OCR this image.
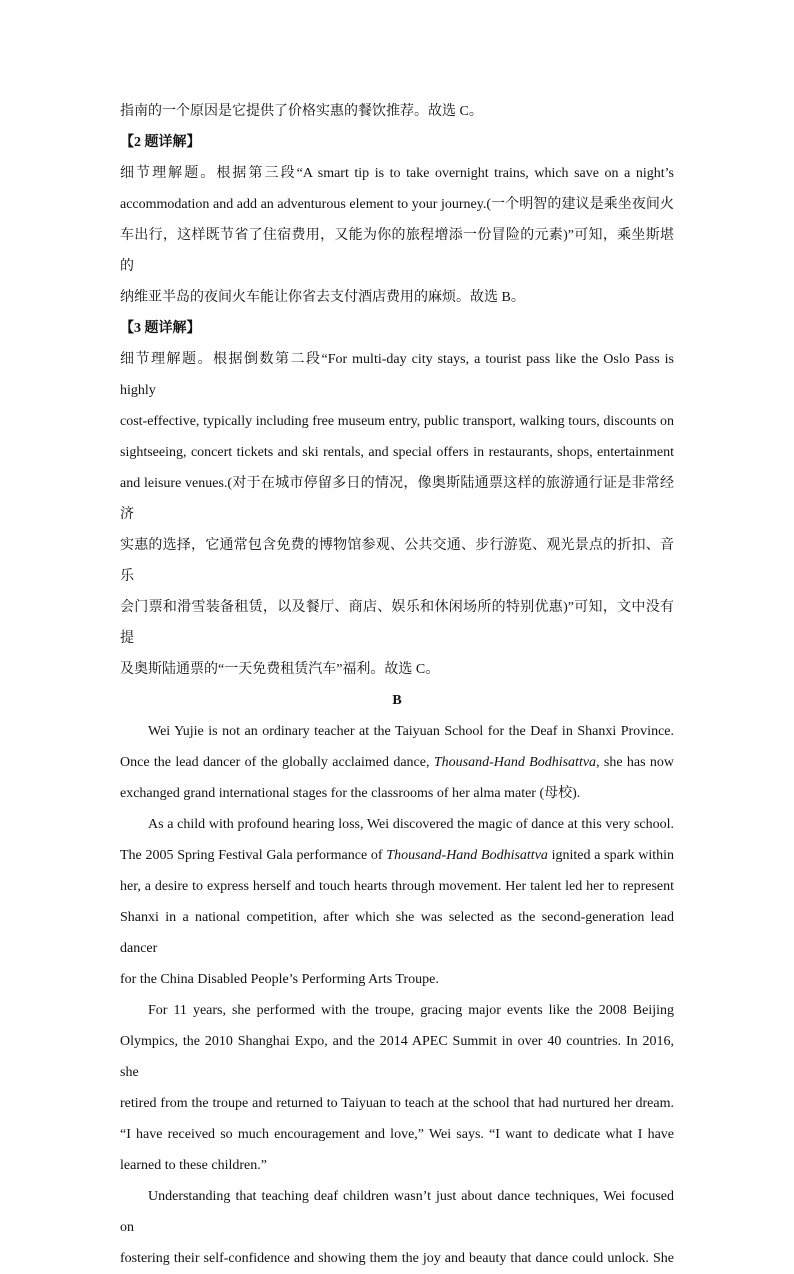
指南的一个原因是它提供了价格实惠的餐饮推荐。故选 C。

【2 题详解】

细节理解题。根据第三段“A smart tip is to take overnight trains, which save on a night’s

accommodation and add an adventurous element to your journey.(一个明智的建议是乘坐夜间火

车出行，这样既节省了住宿费用，又能为你的旅程增添一份冒险的元素)”可知，乘坐斯堪的

纳维亚半岛的夜间火车能让你省去支付酒店费用的麻烦。故选 B。

【3 题详解】

细节理解题。根据倒数第二段“For multi-day city stays, a tourist pass like the Oslo Pass is highly

cost-effective, typically including free museum entry, public transport, walking tours, discounts on

sightseeing, concert tickets and ski rentals, and special offers in restaurants, shops, entertainment

and leisure venues.(对于在城市停留多日的情况，像奥斯陆通票这样的旅游通行证是非常经济

实惠的选择，它通常包含免费的博物馆参观、公共交通、步行游览、观光景点的折扣、音乐

会门票和滑雪装备租赁，以及餐厅、商店、娱乐和休闲场所的特别优惠)”可知，文中没有提

及奥斯陆通票的“一天免费租赁汽车”福利。故选 C。

B

Wei Yujie is not an ordinary teacher at the Taiyuan School for the Deaf in Shanxi Province.

Once the lead dancer of the globally acclaimed dance, Thousand-Hand Bodhisattva, she has now

exchanged grand international stages for the classrooms of her alma mater (母校).

As a child with profound hearing loss, Wei discovered the magic of dance at this very school.

The 2005 Spring Festival Gala performance of Thousand-Hand Bodhisattva ignited a spark within

her, a desire to express herself and touch hearts through movement. Her talent led her to represent

Shanxi in a national competition, after which she was selected as the second-generation lead dancer

for the China Disabled People’s Performing Arts Troupe.

For 11 years, she performed with the troupe, gracing major events like the 2008 Beijing

Olympics, the 2010 Shanghai Expo, and the 2014 APEC Summit in over 40 countries. In 2016, she

retired from the troupe and returned to Taiyuan to teach at the school that had nurtured her dream.

“I have received so much encouragement and love,” Wei says. “I want to dedicate what I have

learned to these children.”

Understanding that teaching deaf children wasn’t just about dance techniques, Wei focused on

fostering their self-confidence and showing them the joy and beauty that dance could unlock. She
